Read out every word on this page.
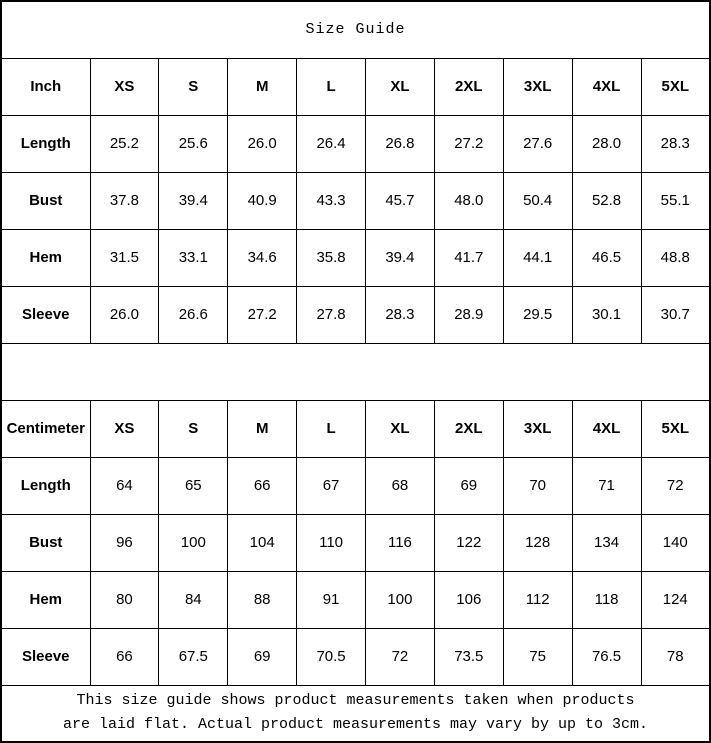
Size Guide									
Inch	XS	S	M	L	XL	2XL	3XL	4XL	5XL
Length	25.2	25.6	26.0	26.4	26.8	27.2	27.6	28.0	28.3
Bust	37.8	39.4	40.9	43.3	45.7	48.0	50.4	52.8	55.1
Hem	31.5	33.1	34.6	35.8	39.4	41.7	44.1	46.5	48.8
Sleeve	26.0	26.6	27.2	27.8	28.3	28.9	29.5	30.1	30.7

Centimeter	XS	S	M	L	XL	2XL	3XL	4XL	5XL
Length	64	65	66	67	68	69	70	71	72
Bust	96	100	104	110	116	122	128	134	140
Hem	80	84	88	91	100	106	112	118	124
Sleeve	66	67.5	69	70.5	72	73.5	75	76.5	78

This size guide shows product measurements taken when products
are laid flat. Actual product measurements may vary by up to 3cm.									
